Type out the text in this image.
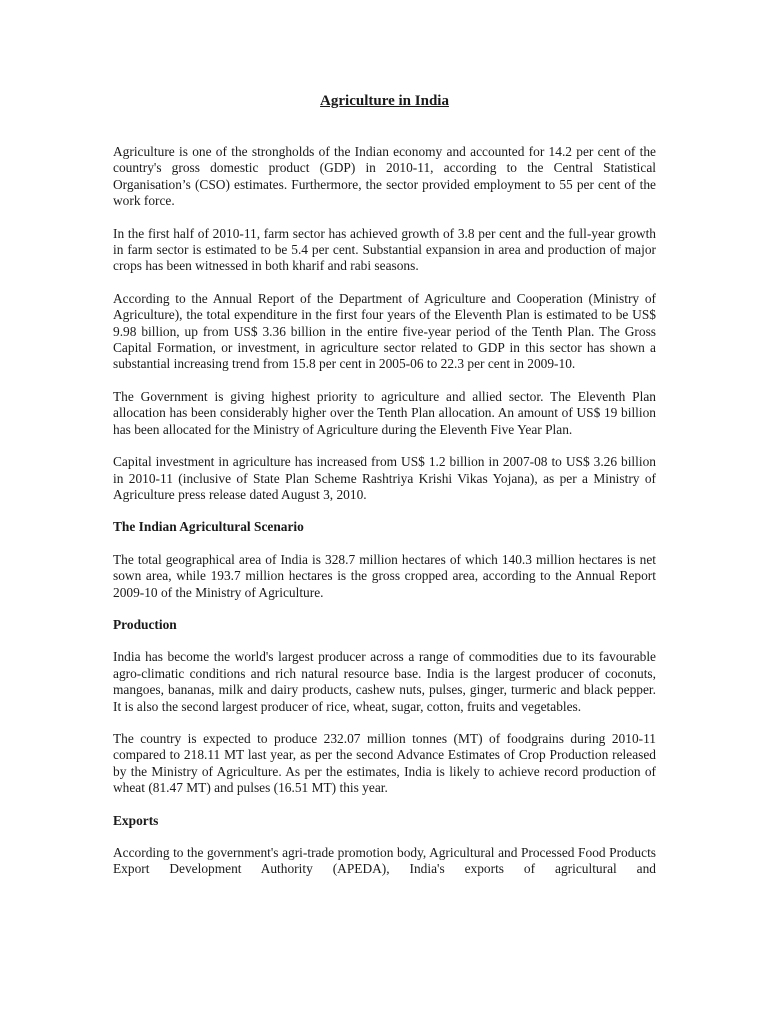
Agriculture in India

Agriculture is one of the strongholds of the Indian economy and accounted for 14.2 per cent of the country's gross domestic product (GDP) in 2010-11, according to the Central Statistical Organisation’s (CSO) estimates. Furthermore, the sector provided employment to 55 per cent of the work force.

In the first half of 2010-11, farm sector has achieved growth of 3.8 per cent and the full-year growth in farm sector is estimated to be 5.4 per cent. Substantial expansion in area and production of major crops has been witnessed in both kharif and rabi seasons.

According to the Annual Report of the Department of Agriculture and Cooperation (Ministry of Agriculture), the total expenditure in the first four years of the Eleventh Plan is estimated to be US$ 9.98 billion, up from US$ 3.36 billion in the entire five-year period of the Tenth Plan. The Gross Capital Formation, or investment, in agriculture sector related to GDP in this sector has shown a substantial increasing trend from 15.8 per cent in 2005-06 to 22.3 per cent in 2009-10.

The Government is giving highest priority to agriculture and allied sector. The Eleventh Plan allocation has been considerably higher over the Tenth Plan allocation. An amount of US$ 19 billion has been allocated for the Ministry of Agriculture during the Eleventh Five Year Plan.

Capital investment in agriculture has increased from US$ 1.2 billion in 2007-08 to US$ 3.26 billion in 2010-11 (inclusive of State Plan Scheme Rashtriya Krishi Vikas Yojana), as per a Ministry of Agriculture press release dated August 3, 2010.

The Indian Agricultural Scenario

The total geographical area of India is 328.7 million hectares of which 140.3 million hectares is net sown area, while 193.7 million hectares is the gross cropped area, according to the Annual Report 2009-10 of the Ministry of Agriculture.

Production

India has become the world's largest producer across a range of commodities due to its favourable agro-climatic conditions and rich natural resource base. India is the largest producer of coconuts, mangoes, bananas, milk and dairy products, cashew nuts, pulses, ginger, turmeric and black pepper. It is also the second largest producer of rice, wheat, sugar, cotton, fruits and vegetables.

The country is expected to produce 232.07 million tonnes (MT) of foodgrains during 2010-11 compared to 218.11 MT last year, as per the second Advance Estimates of Crop Production released by the Ministry of Agriculture. As per the estimates, India is likely to achieve record production of wheat (81.47 MT) and pulses (16.51 MT) this year.

Exports

According to the government's agri-trade promotion body, Agricultural and Processed Food Products Export Development Authority (APEDA), India's exports of agricultural and
